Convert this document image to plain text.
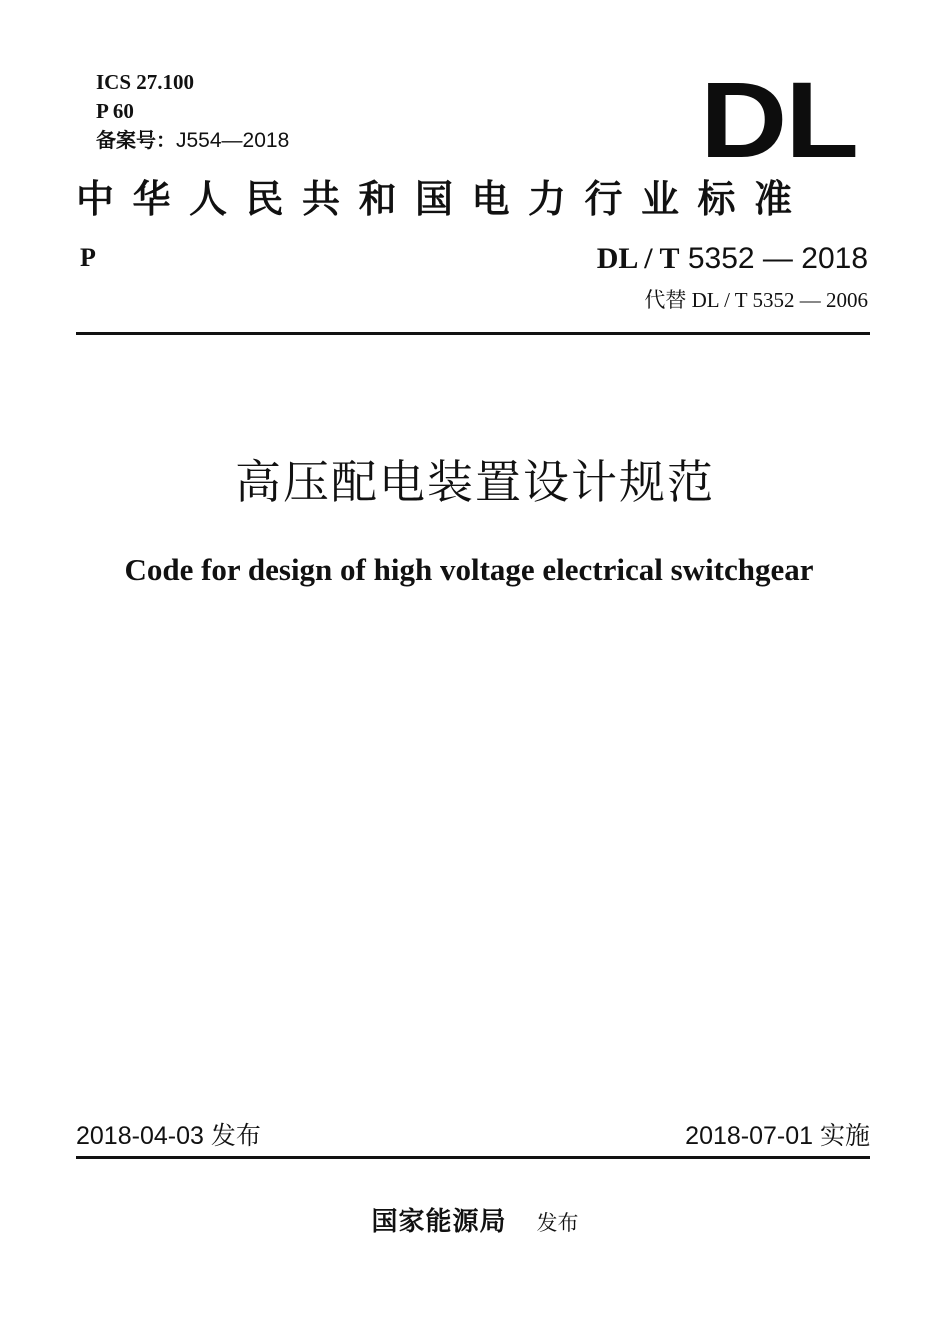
ICS 27.100
P 60
备案号：J554—2018	DL
中华人民共和国电力行业标准
P	DL / T 5352 — 2018
代替 DL / T 5352 — 2006
高压配电装置设计规范
Code for design of high voltage electrical switchgear
2018-04-03 发布	2018-07-01 实施
国家能源局 发布
